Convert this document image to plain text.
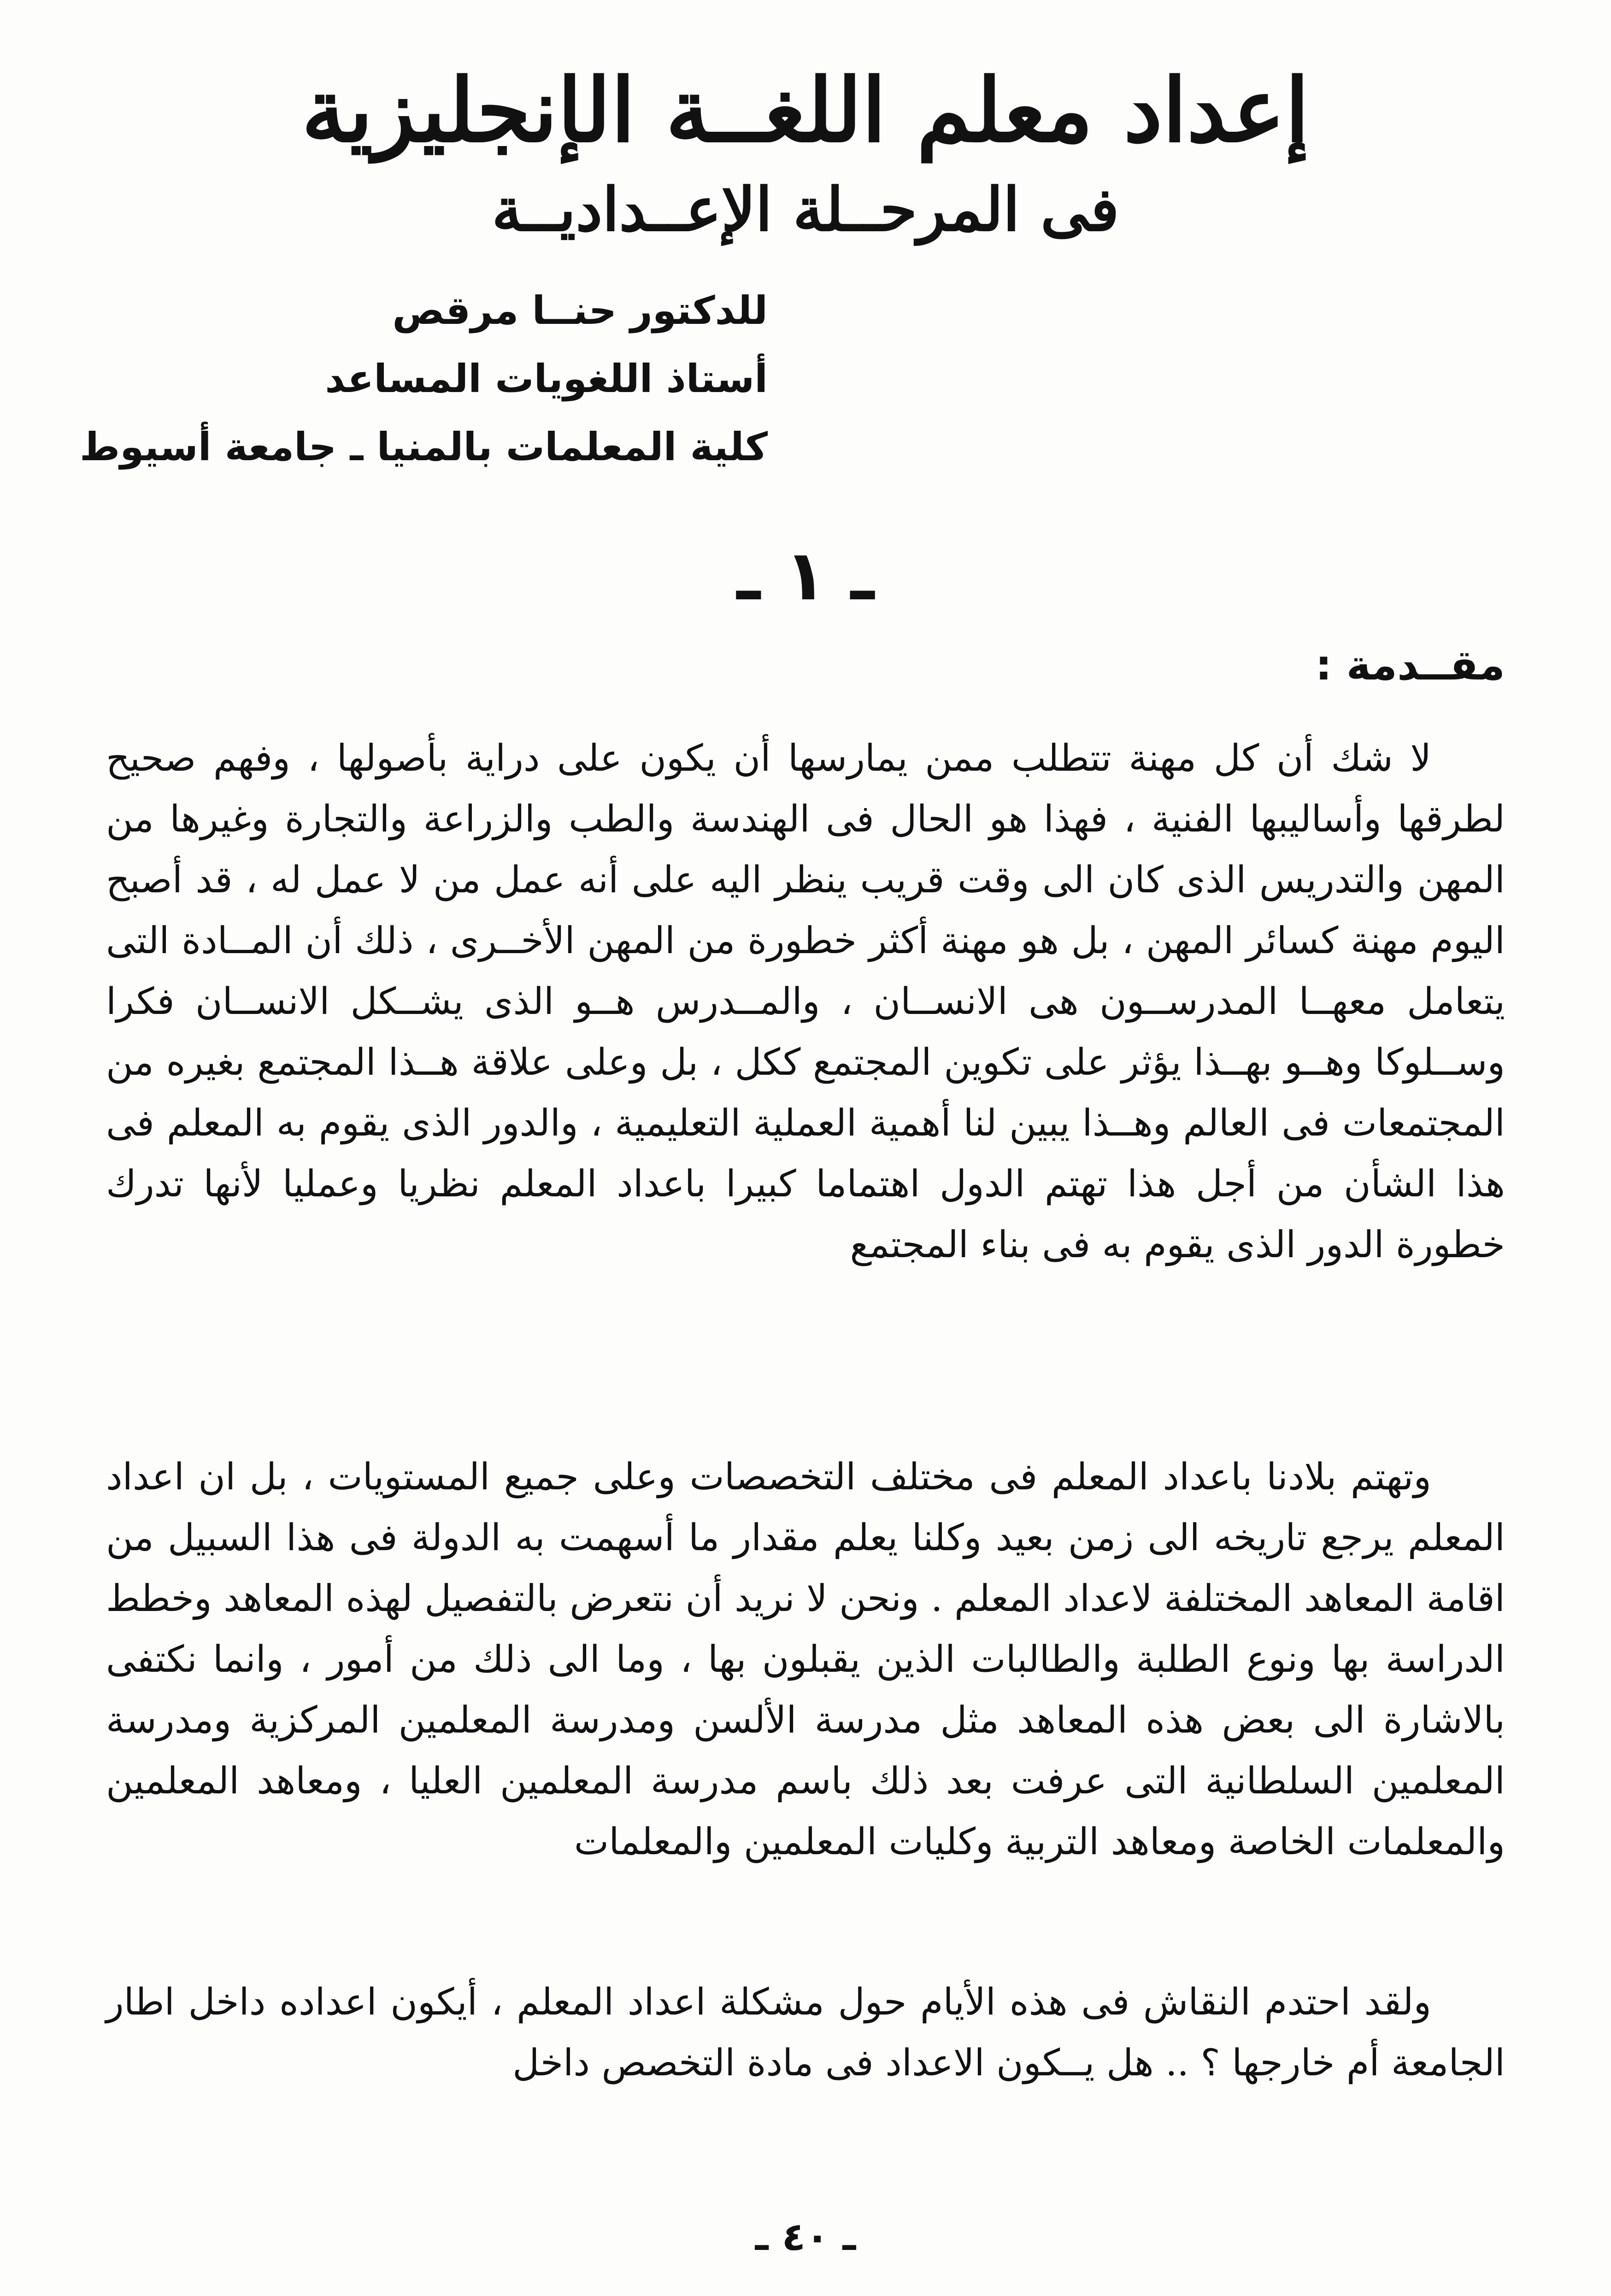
إعداد معلم اللغــة الإنجليزية
فى المرحــلة الإعــداديــة
للدكتور حنــا مرقص
أستاذ اللغويات المساعد
كلية المعلمات بالمنيا ـ جامعة أسيوط
ـ ١ ـ
مقــدمة :

لا شك أن كل مهنة تتطلب ممن يمارسها أن يكون على دراية بأصولها ، وفهم صحيح لطرقها وأساليبها الفنية ، فهذا هو الحال فى الهندسة والطب والزراعة والتجارة وغيرها من المهن والتدريس الذى كان الى وقت قريب ينظر اليه على أنه عمل من لا عمل له ، قد أصبح اليوم مهنة كسائر المهن ، بل هو مهنة أكثر خطورة من المهن الأخــرى ، ذلك أن المــادة التى يتعامل معهــا المدرســون هى الانســان ، والمــدرس هــو الذى يشــكل الانســان فكرا وســلوكا وهــو بهــذا يؤثر على تكوين المجتمع ككل ، بل وعلى علاقة هــذا المجتمع بغيره من المجتمعات فى العالم وهــذا يبين لنا أهمية العملية التعليمية ، والدور الذى يقوم به المعلم فى هذا الشأن من أجل هذا تهتم الدول اهتماما كبيرا باعداد المعلم نظريا وعمليا لأنها تدرك خطورة الدور الذى يقوم به فى بناء المجتمع

وتهتم بلادنا باعداد المعلم فى مختلف التخصصات وعلى جميع المستويات ، بل ان اعداد المعلم يرجع تاريخه الى زمن بعيد وكلنا يعلم مقدار ما أسهمت به الدولة فى هذا السبيل من اقامة المعاهد المختلفة لاعداد المعلم . ونحن لا نريد أن نتعرض بالتفصيل لهذه المعاهد وخطط الدراسة بها ونوع الطلبة والطالبات الذين يقبلون بها ، وما الى ذلك من أمور ، وانما نكتفى بالاشارة الى بعض هذه المعاهد مثل مدرسة الألسن ومدرسة المعلمين المركزية ومدرسة المعلمين السلطانية التى عرفت بعد ذلك باسم مدرسة المعلمين العليا ، ومعاهد المعلمين والمعلمات الخاصة ومعاهد التربية وكليات المعلمين والمعلمات

ولقد احتدم النقاش فى هذه الأيام حول مشكلة اعداد المعلم ، أيكون اعداده داخل اطار الجامعة أم خارجها ؟ .. هل يــكون الاعداد فى مادة التخصص داخل

ـ ٤٠ ـ
